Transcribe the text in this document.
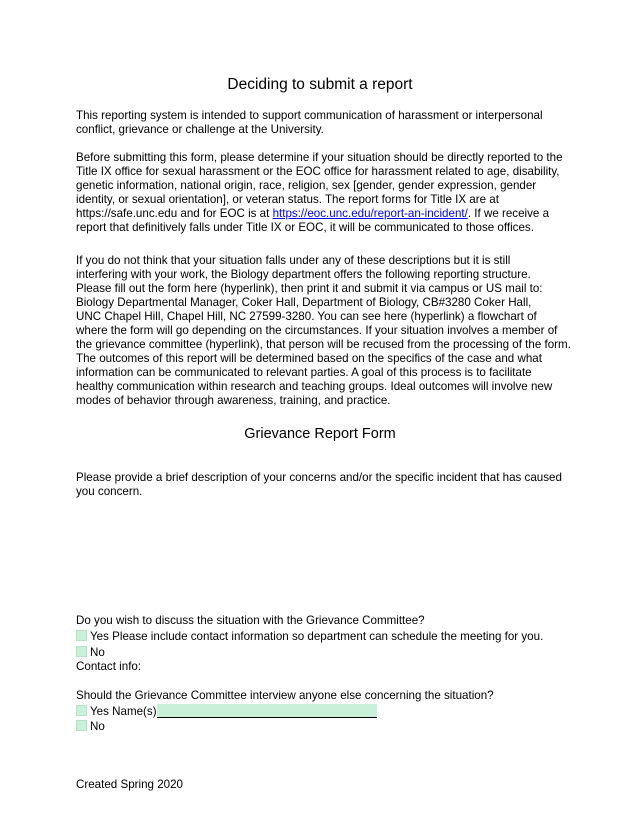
Deciding to submit a report
This reporting system is intended to support communication of harassment or interpersonal
conflict, grievance or challenge at the University.
Before submitting this form, please determine if your situation should be directly reported to the
Title IX office for sexual harassment or the EOC office for harassment related to age, disability,
genetic information, national origin, race, religion, sex [gender, gender expression, gender
identity, or sexual orientation], or veteran status. The report forms for Title IX are at
https://safe.unc.edu and for EOC is at https://eoc.unc.edu/report-an-incident/. If we receive a
report that definitively falls under Title IX or EOC, it will be communicated to those offices.
If you do not think that your situation falls under any of these descriptions but it is still
interfering with your work, the Biology department offers the following reporting structure.
Please fill out the form here (hyperlink), then print it and submit it via campus or US mail to:
Biology Departmental Manager, Coker Hall, Department of Biology, CB#3280 Coker Hall,
UNC Chapel Hill, Chapel Hill, NC 27599-3280. You can see here (hyperlink) a flowchart of
where the form will go depending on the circumstances. If your situation involves a member of
the grievance committee (hyperlink), that person will be recused from the processing of the form.
The outcomes of this report will be determined based on the specifics of the case and what
information can be communicated to relevant parties. A goal of this process is to facilitate
healthy communication within research and teaching groups. Ideal outcomes will involve new
modes of behavior through awareness, training, and practice.
Grievance Report Form
Please provide a brief description of your concerns and/or the specific incident that has caused
you concern.
Do you wish to discuss the situation with the Grievance Committee?
Yes Please include contact information so department can schedule the meeting for you.
No
Contact info:
Should the Grievance Committee interview anyone else concerning the situation?
Yes Name(s)
No
Created Spring 2020
